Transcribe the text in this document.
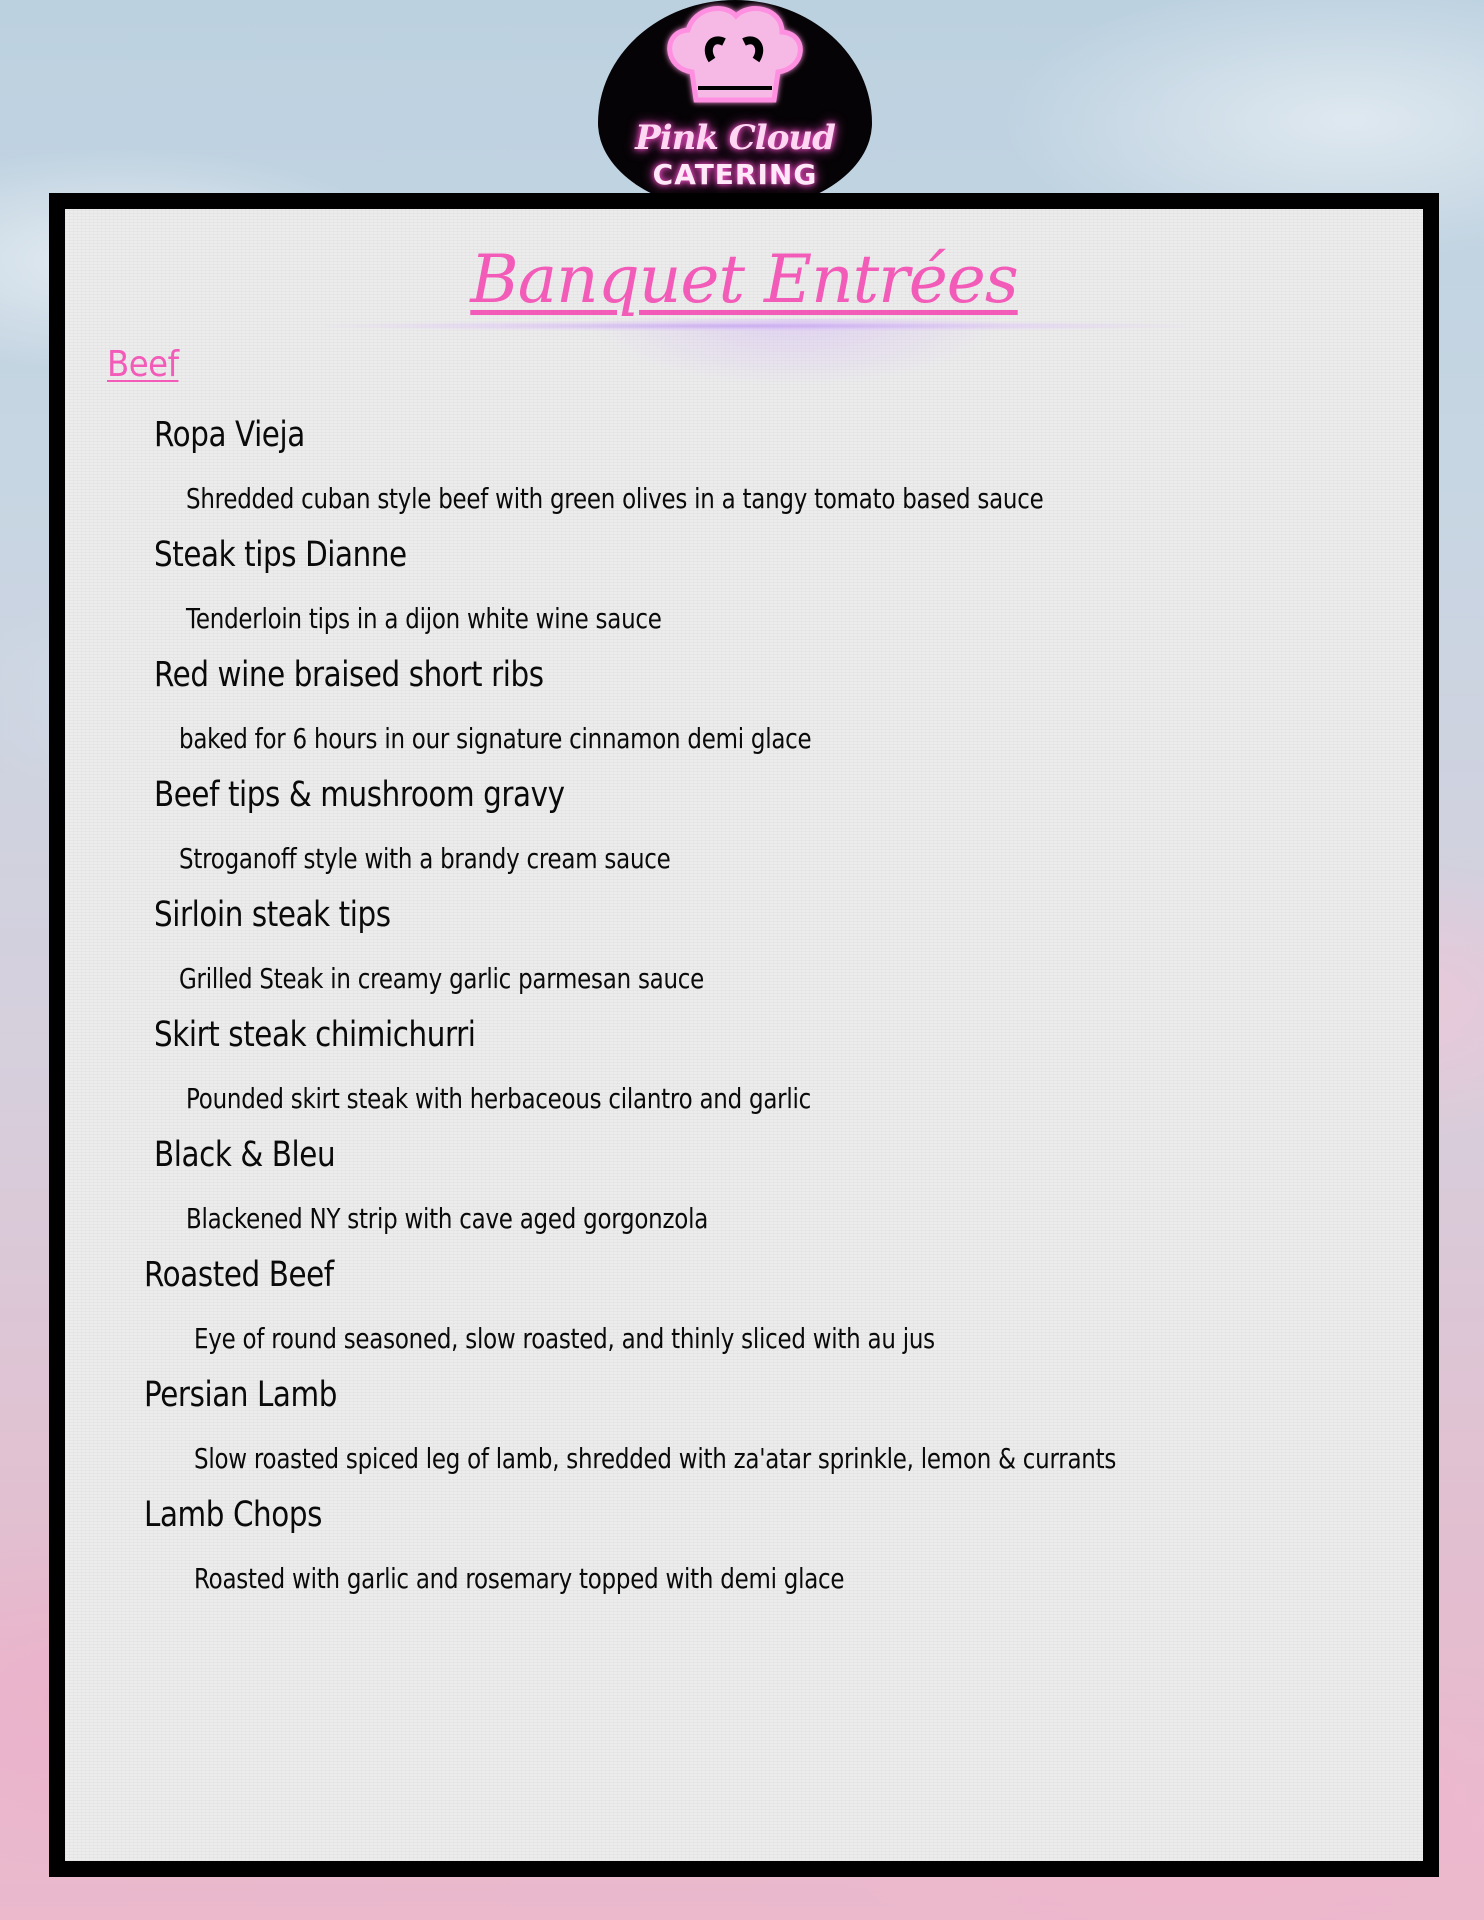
Pink Cloud
CATERING
Banquet Entrées
Beef
Ropa Vieja
Shredded cuban style beef with green olives in a tangy tomato based sauce
Steak tips Dianne
Tenderloin tips in a dijon white wine sauce
Red wine braised short ribs
baked for 6 hours in our signature cinnamon demi glace
Beef tips & mushroom gravy
Stroganoff style with a brandy cream sauce
Sirloin steak tips
Grilled Steak in creamy garlic parmesan sauce
Skirt steak chimichurri
Pounded skirt steak with herbaceous cilantro and garlic
Black & Bleu
Blackened NY strip with cave aged gorgonzola
Roasted Beef
Eye of round seasoned, slow roasted, and thinly sliced with au jus
Persian Lamb
Slow roasted spiced leg of lamb, shredded with za'atar sprinkle, lemon & currants
Lamb Chops
Roasted with garlic and rosemary topped with demi glace
